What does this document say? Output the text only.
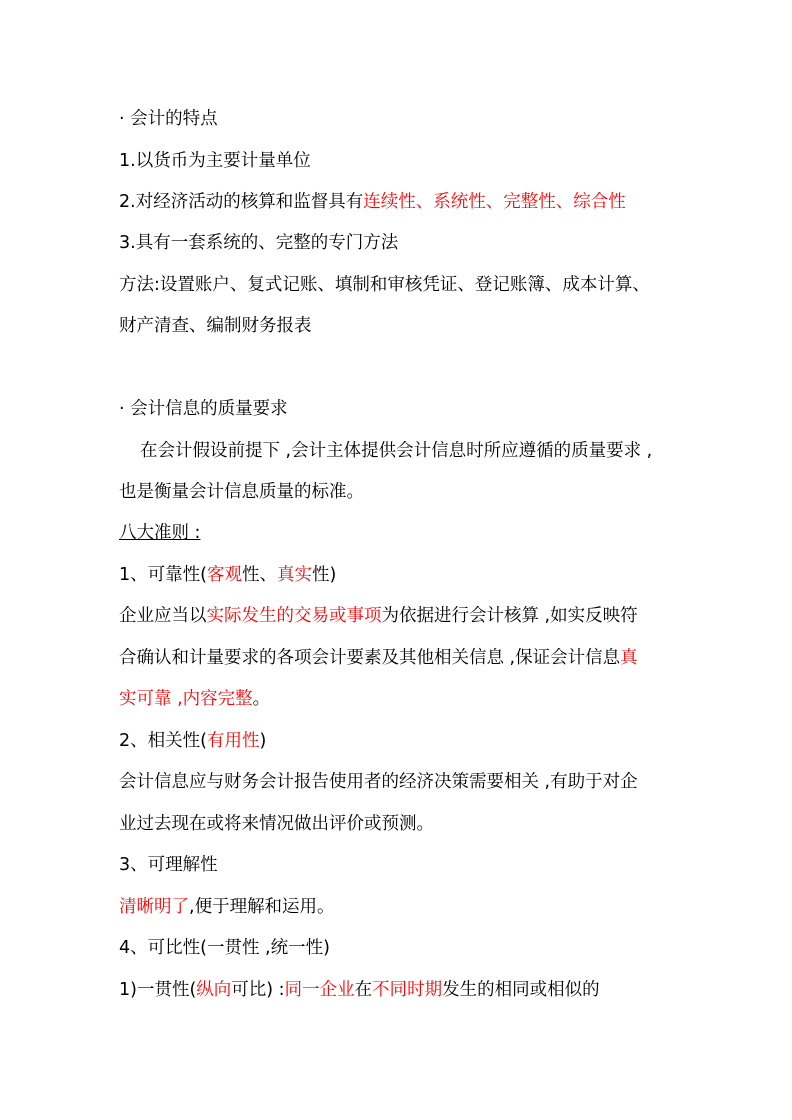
· 会计的特点
1.以货币为主要计量单位
2.对经济活动的核算和监督具有连续性、系统性、完整性、综合性
3.具有一套系统的、完整的专门方法
方法:设置账户、复式记账、填制和审核凭证、登记账簿、成本计算、
财产清查、编制财务报表
· 会计信息的质量要求
在会计假设前提下 ,会计主体提供会计信息时所应遵循的质量要求 ,
也是衡量会计信息质量的标准。
八大准则 :
1、可靠性(客观性、真实性)
企业应当以实际发生的交易或事项为依据进行会计核算 ,如实反映符
合确认和计量要求的各项会计要素及其他相关信息 ,保证会计信息真
实可靠 ,内容完整。
2、相关性(有用性)
会计信息应与财务会计报告使用者的经济决策需要相关 ,有助于对企
业过去现在或将来情况做出评价或预测。
3、可理解性
清晰明了,便于理解和运用。
4、可比性(一贯性 ,统一性)
1)一贯性(纵向可比) :同一企业在不同时期发生的相同或相似的
